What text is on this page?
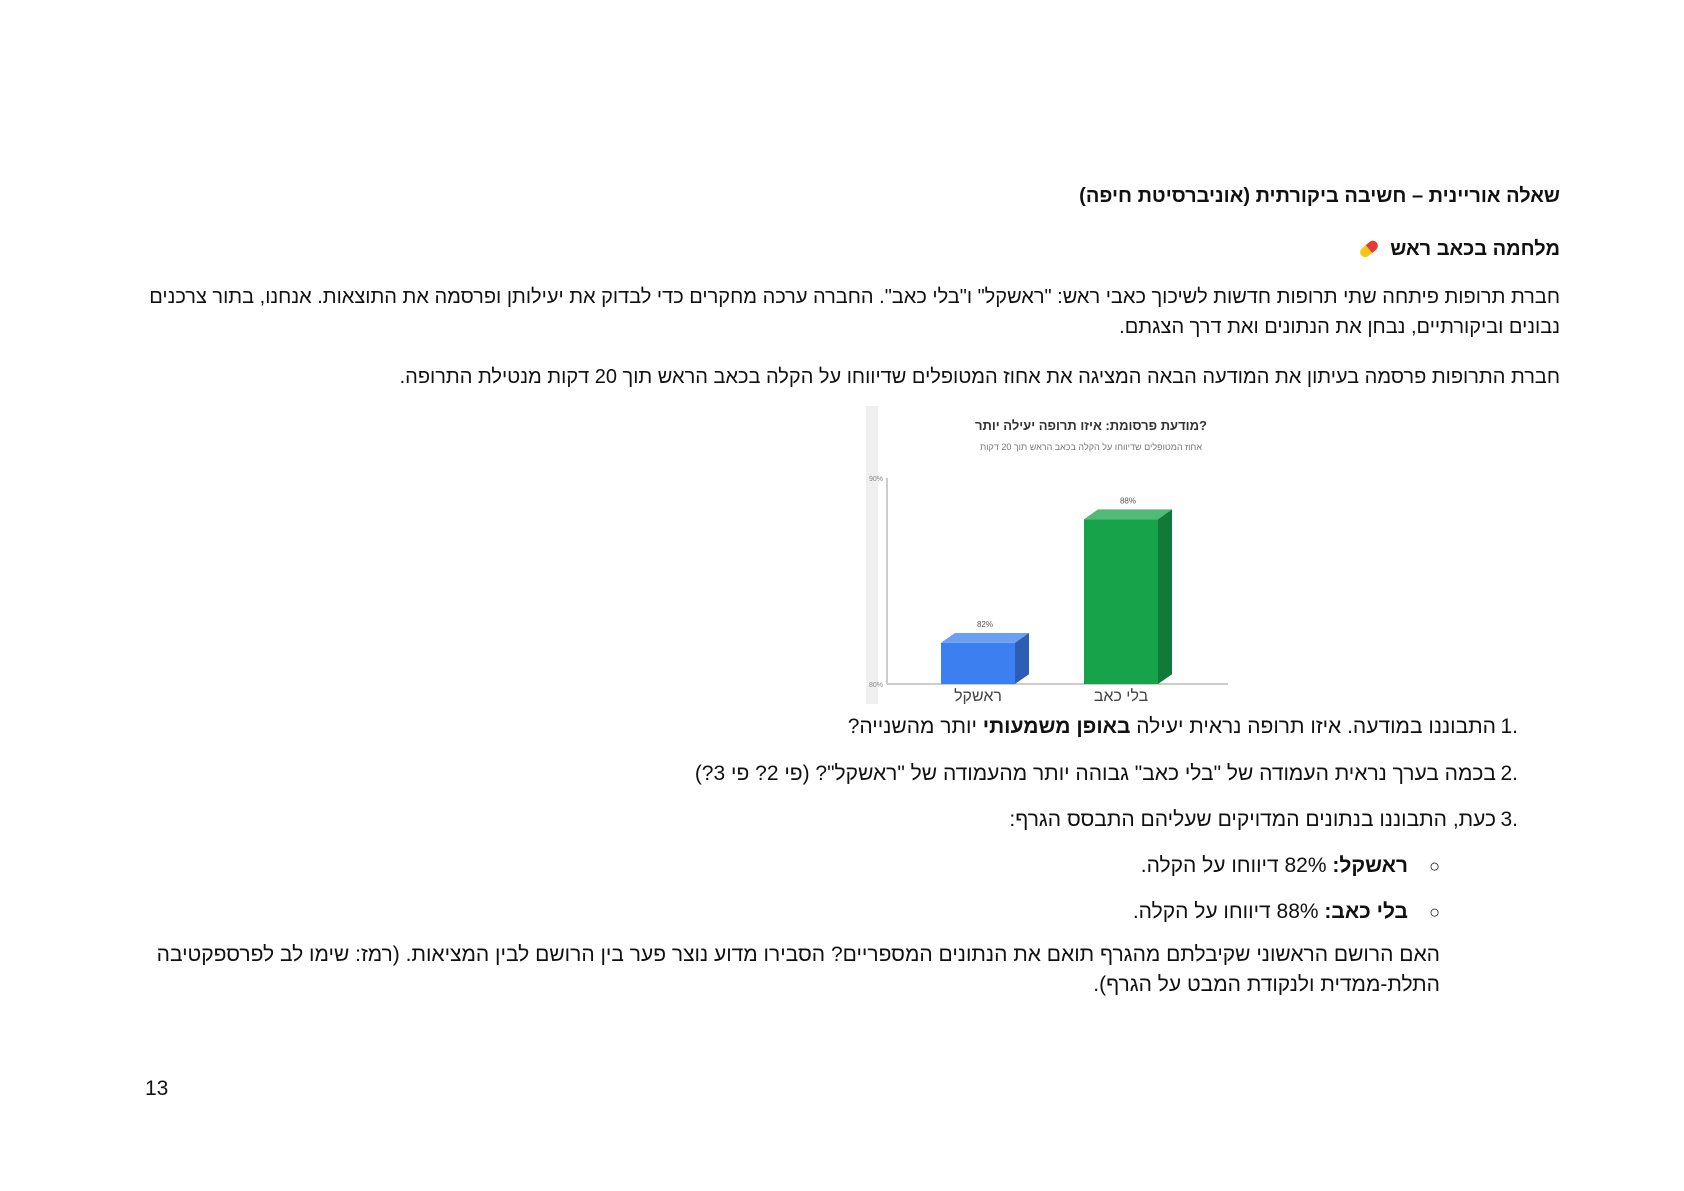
שאלה אוריינית – חשיבה ביקורתית (אוניברסיטת חיפה)
מלחמה בכאב ראש
חברת תרופות פיתחה שתי תרופות חדשות לשיכוך כאבי ראש: "ראשקל" ו"בלי כאב". החברה ערכה מחקרים כדי לבדוק את יעילותן ופרסמה את התוצאות. אנחנו, בתור צרכנים נבונים וביקורתיים, נבחן את הנתונים ואת דרך הצגתם.
חברת התרופות פרסמה בעיתון את המודעה הבאה המציגה את אחוז המטופלים שדיווחו על הקלה בכאב הראש תוך 20 דקות מנטילת התרופה.
מודעת פרסומת: איזו תרופה יעילה יותר?
אחוז המטופלים שדיווחו על הקלה בכאב הראש תוך 20 דקות
80%
90%
82%
ראשקל
88%
בלי כאב
1.
התבוננו במודעה. איזו תרופה נראית יעילה באופן משמעותי יותר מהשנייה?
2.
בכמה בערך נראית העמודה של "בלי כאב" גבוהה יותר מהעמודה של "ראשקל"? (פי 2? פי 3?)
3.
כעת, התבוננו בנתונים המדויקים שעליהם התבסס הגרף:
○
ראשקל: 82% דיווחו על הקלה.
○
בלי כאב: 88% דיווחו על הקלה.
האם הרושם הראשוני שקיבלתם מהגרף תואם את הנתונים המספריים? הסבירו מדוע נוצר פער בין הרושם לבין המציאות. (רמז: שימו לב לפרספקטיבה התלת-ממדית ולנקודת המבט על הגרף).
13
